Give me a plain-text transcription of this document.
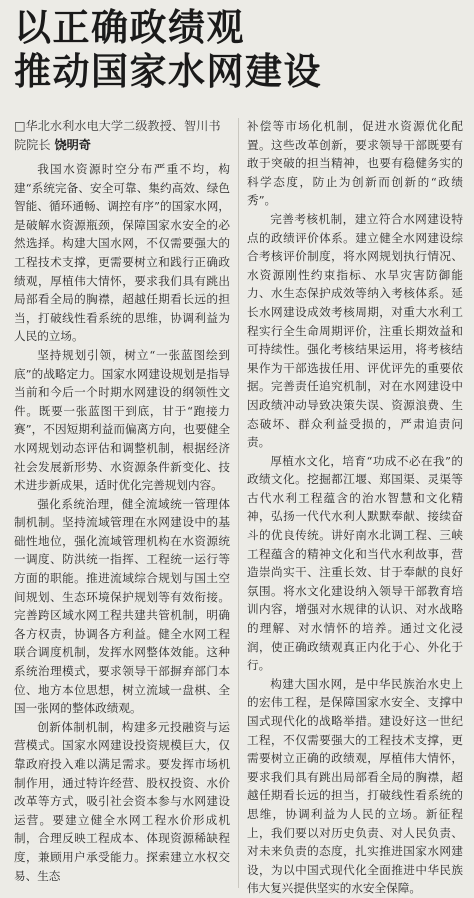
以正确政绩观
推动国家水网建设
□华北水利水电大学二级教授、智川书院院长 饶明奇

我国水资源时空分布严重不均，构建“系统完备、安全可靠、集约高效、绿色智能、循环通畅、调控有序”的国家水网，是破解水资源瓶颈，保障国家水安全的必然选择。构建大国水网，不仅需要强大的工程技术支撑，更需要树立和践行正确政绩观，厚植伟大情怀，要求我们具有跳出局部看全局的胸襟，超越任期看长远的担当，打破线性看系统的思维，协调利益为人民的立场。

坚持规划引领，树立“一张蓝图绘到底”的战略定力。国家水网建设规划是指导当前和今后一个时期水网建设的纲领性文件。既要一张蓝图干到底，甘于“跑接力赛”，不因短期利益而偏离方向，也要健全水网规划动态评估和调整机制，根据经济社会发展新形势、水资源条件新变化、技术进步新成果，适时优化完善规划内容。

强化系统治理，健全流域统一管理体制机制。坚持流域管理在水网建设中的基础性地位，强化流域管理机构在水资源统一调度、防洪统一指挥、工程统一运行等方面的职能。推进流域综合规划与国土空间规划、生态环境保护规划等有效衔接。完善跨区域水网工程共建共管机制，明确各方权责，协调各方利益。健全水网工程联合调度机制，发挥水网整体效能。这种系统治理模式，要求领导干部摒弃部门本位、地方本位思想，树立流域一盘棋、全国一张网的整体政绩观。

创新体制机制，构建多元投融资与运营模式。国家水网建设投资规模巨大，仅靠政府投入难以满足需求。要发挥市场机制作用，通过特许经营、股权投资、水价改革等方式，吸引社会资本参与水网建设运营。要建立健全水网工程水价形成机制，合理反映工程成本、体现资源稀缺程度，兼顾用户承受能力。探索建立水权交易、生态

补偿等市场化机制，促进水资源优化配置。这些改革创新，要求领导干部既要有敢于突破的担当精神，也要有稳健务实的科学态度，防止为创新而创新的“政绩秀”。

完善考核机制，建立符合水网建设特点的政绩评价体系。建立健全水网建设综合考核评价制度，将水网规划执行情况、水资源刚性约束指标、水旱灾害防御能力、水生态保护成效等纳入考核体系。延长水网建设成效考核周期，对重大水利工程实行全生命周期评价，注重长期效益和可持续性。强化考核结果运用，将考核结果作为干部选拔任用、评优评先的重要依据。完善责任追究机制，对在水网建设中因政绩冲动导致决策失误、资源浪费、生态破坏、群众利益受损的，严肃追责问责。

厚植水文化，培育“功成不必在我”的政绩文化。挖掘都江堰、郑国渠、灵渠等古代水利工程蕴含的治水智慧和文化精神，弘扬一代代水利人默默奉献、接续奋斗的优良传统。讲好南水北调工程、三峡工程蕴含的精神文化和当代水利故事，营造崇尚实干、注重长效、甘于奉献的良好氛围。将水文化建设纳入领导干部教育培训内容，增强对水规律的认识、对水战略的理解、对水情怀的培养。通过文化浸润，使正确政绩观真正内化于心、外化于行。

构建大国水网，是中华民族治水史上的宏伟工程，是保障国家水安全、支撑中国式现代化的战略举措。建设好这一世纪工程，不仅需要强大的工程技术支撑，更需要树立正确的政绩观，厚植伟大情怀，要求我们具有跳出局部看全局的胸襟，超越任期看长远的担当，打破线性看系统的思维，协调利益为人民的立场。新征程上，我们要以对历史负责、对人民负责、对未来负责的态度，扎实推进国家水网建设，为以中国式现代化全面推进中华民族伟大复兴提供坚实的水安全保障。
